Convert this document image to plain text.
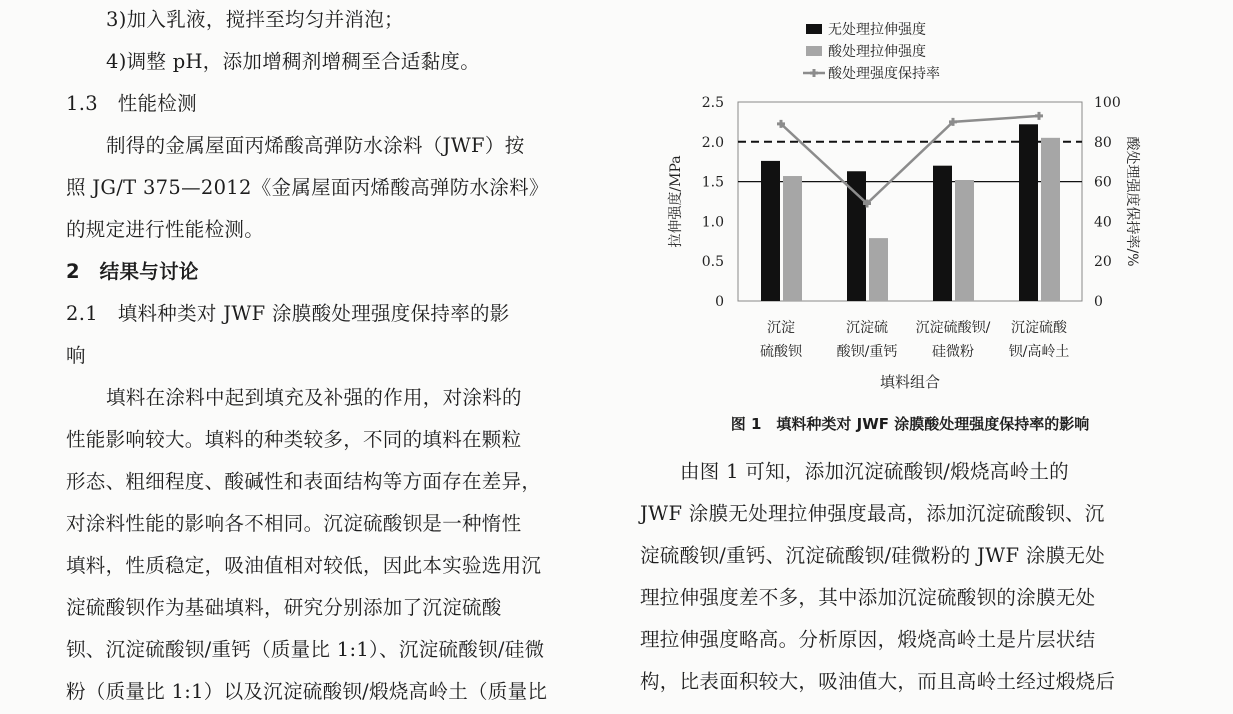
3)加入乳液，搅拌至均匀并消泡；
4)调整 pH，添加增稠剂增稠至合适黏度。
1.3　性能检测
制得的金属屋面丙烯酸高弹防水涂料（JWF）按
照 JG/T 375—2012《金属屋面丙烯酸高弹防水涂料》
的规定进行性能检测。
2　结果与讨论
2.1　填料种类对 JWF 涂膜酸处理强度保持率的影
响
填料在涂料中起到填充及补强的作用，对涂料的
性能影响较大。填料的种类较多，不同的填料在颗粒
形态、粗细程度、酸碱性和表面结构等方面存在差异，
对涂料性能的影响各不相同。沉淀硫酸钡是一种惰性
填料，性质稳定，吸油值相对较低，因此本实验选用沉
淀硫酸钡作为基础填料，研究分别添加了沉淀硫酸
钡、沉淀硫酸钡/重钙（质量比 1:1）、沉淀硫酸钡/硅微
粉（质量比 1:1）以及沉淀硫酸钡/煅烧高岭土（质量比
0
0.5
1.0
1.5
2.0
2.5
0
20
40
60
80
100
拉伸强度/MPa	酸处理强度保持率/%
填料组合
沉淀
硫酸钡
沉淀硫
酸钡/重钙
沉淀硫酸钡/
硅微粉
沉淀硫酸
钡/高岭土
无处理拉伸强度
酸处理拉伸强度
酸处理强度保持率
图 1　填料种类对 JWF 涂膜酸处理强度保持率的影响
由图 1 可知，添加沉淀硫酸钡/煅烧高岭土的
JWF 涂膜无处理拉伸强度最高，添加沉淀硫酸钡、沉
淀硫酸钡/重钙、沉淀硫酸钡/硅微粉的 JWF 涂膜无处
理拉伸强度差不多，其中添加沉淀硫酸钡的涂膜无处
理拉伸强度略高。分析原因，煅烧高岭土是片层状结
构，比表面积较大，吸油值大，而且高岭土经过煅烧后
